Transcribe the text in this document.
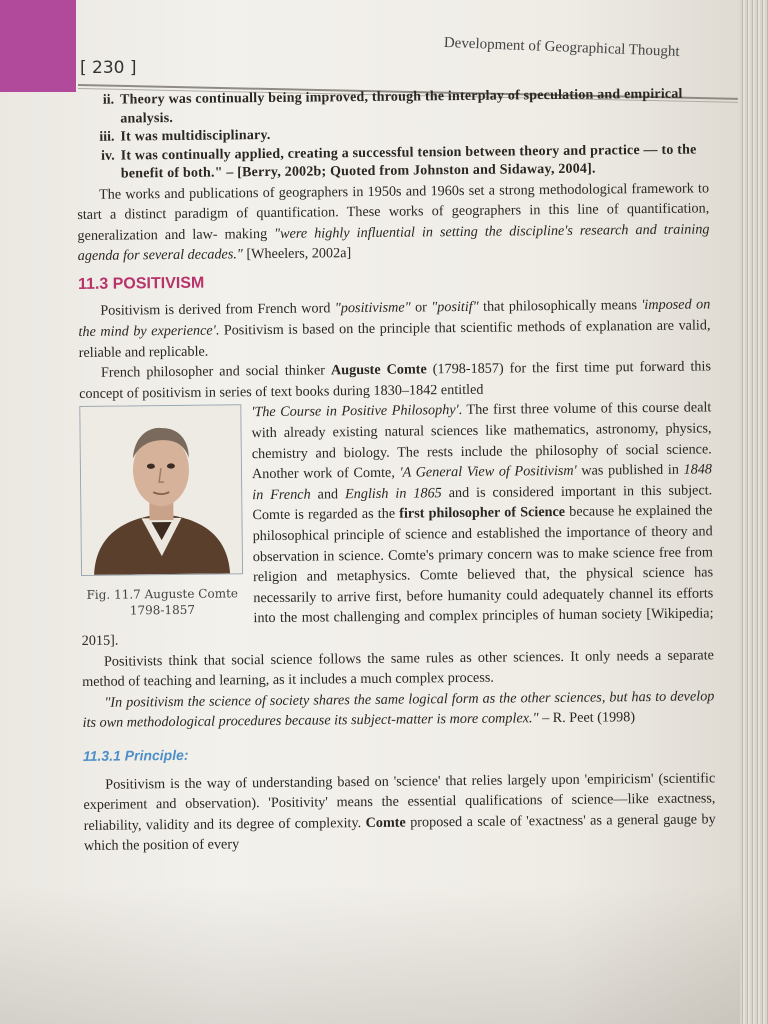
[ 230 ]
Development of Geographical Thought
ii. Theory was continually being improved, through the interplay of speculation and empirical analysis.
iii. It was multidisciplinary.
iv. It was continually applied, creating a successful tension between theory and practice — to the benefit of both." – [Berry, 2002b; Quoted from Johnston and Sidaway, 2004].

The works and publications of geographers in 1950s and 1960s set a strong methodological framework to start a distinct paradigm of quantification. These works of geographers in this line of quantification, generalization and law- making "were highly influential in setting the discipline's research and training agenda for several decades." [Wheelers, 2002a]

11.3 POSITIVISM

Positivism is derived from French word "positivisme" or "positif" that philosophically means 'imposed on the mind by experience'. Positivism is based on the principle that scientific methods of explanation are valid, reliable and replicable.

French philosopher and social thinker Auguste Comte (1798-1857) for the first time put forward this concept of positivism in series of text books during 1830–1842 entitled

Fig. 11.7 Auguste Comte 1798-1857

'The Course in Positive Philosophy'. The first three volume of this course dealt with already existing natural sciences like mathematics, astronomy, physics, chemistry and biology. The rests include the philosophy of social science. Another work of Comte, 'A General View of Positivism' was published in 1848 in French and English in 1865 and is considered important in this subject. Comte is regarded as the first philosopher of Science because he explained the philosophical principle of science and established the importance of theory and observation in science. Comte's primary concern was to make science free from religion and metaphysics. Comte believed that, the physical science has necessarily to arrive first, before humanity could adequately channel its efforts into the most challenging and complex principles of human society [Wikipedia; 2015].

Positivists think that social science follows the same rules as other sciences. It only needs a separate method of teaching and learning, as it includes a much complex process.

"In positivism the science of society shares the same logical form as the other sciences, but has to develop its own methodological procedures because its subject-matter is more complex." – R. Peet (1998)

11.3.1 Principle:

Positivism is the way of understanding based on 'science' that relies largely upon 'empiricism' (scientific experiment and observation). 'Positivity' means the essential qualifications of science—like exactness, reliability, validity and its degree of complexity. Comte proposed a scale of 'exactness' as a general gauge by which the position of every
